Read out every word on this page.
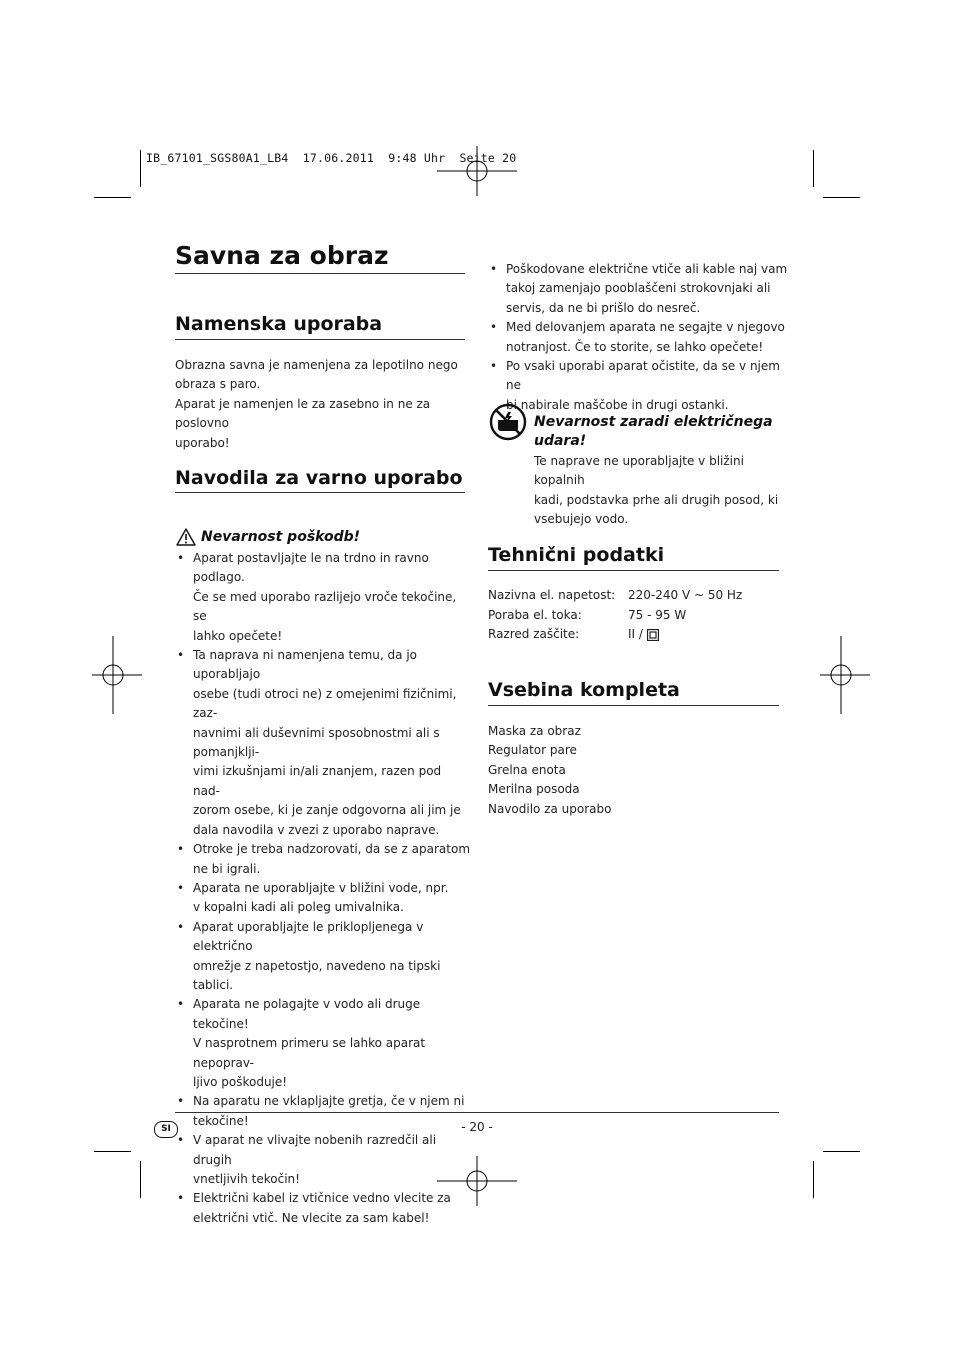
IB_67101_SGS80A1_LB4  17.06.2011  9:48 Uhr  Seite 20
Savna za obraz
Namenska uporaba
Obrazna savna je namenjena za lepotilno nego
obraza s paro.
Aparat je namenjen le za zasebno in ne za poslovno
uporabo!
Navodila za varno uporabo
Nevarnost poškodb!
• Aparat postavljajte le na trdno in ravno podlago.
Če se med uporabo razlijejo vroče tekočine, se
lahko opečete!
• Ta naprava ni namenjena temu, da jo uporabljajo
osebe (tudi otroci ne) z omejenimi fizičnimi, zaz-
navnimi ali duševnimi sposobnostmi ali s pomanjklji-
vimi izkušnjami in/ali znanjem, razen pod nad-
zorom osebe, ki je zanje odgovorna ali jim je
dala navodila v zvezi z uporabo naprave.
• Otroke je treba nadzorovati, da se z aparatom
ne bi igrali.
• Aparata ne uporabljajte v bližini vode, npr.
v kopalni kadi ali poleg umivalnika.
• Aparat uporabljajte le priklopljenega v električno
omrežje z napetostjo, navedeno na tipski tablici.
• Aparata ne polagajte v vodo ali druge tekočine!
V nasprotnem primeru se lahko aparat nepoprav-
ljivo poškoduje!
• Na aparatu ne vklapljajte gretja, če v njem ni
tekočine!
• V aparat ne vlivajte nobenih razredčil ali drugih
vnetljivih tekočin!
• Električni kabel iz vtičnice vedno vlecite za
električni vtič. Ne vlecite za sam kabel!
• Poškodovane električne vtiče ali kable naj vam
takoj zamenjajo pooblaščeni strokovnjaki ali
servis, da ne bi prišlo do nesreč.
• Med delovanjem aparata ne segajte v njegovo
notranjost. Če to storite, se lahko opečete!
• Po vsaki uporabi aparat očistite, da se v njem ne
bi nabirale maščobe in drugi ostanki.
Nevarnost zaradi električnega
udara!
Te naprave ne uporabljajte v bližini kopalnih
kadi, podstavka prhe ali drugih posod, ki
vsebujejo vodo.
Tehnični podatki
Nazivna el. napetost:	220-240 V ~ 50 Hz
Poraba el. toka:	75 - 95 W
Razred zaščite:	II /
Vsebina kompleta
Maska za obraz
Regulator pare
Grelna enota
Merilna posoda
Navodilo za uporabo
SI	- 20 -
